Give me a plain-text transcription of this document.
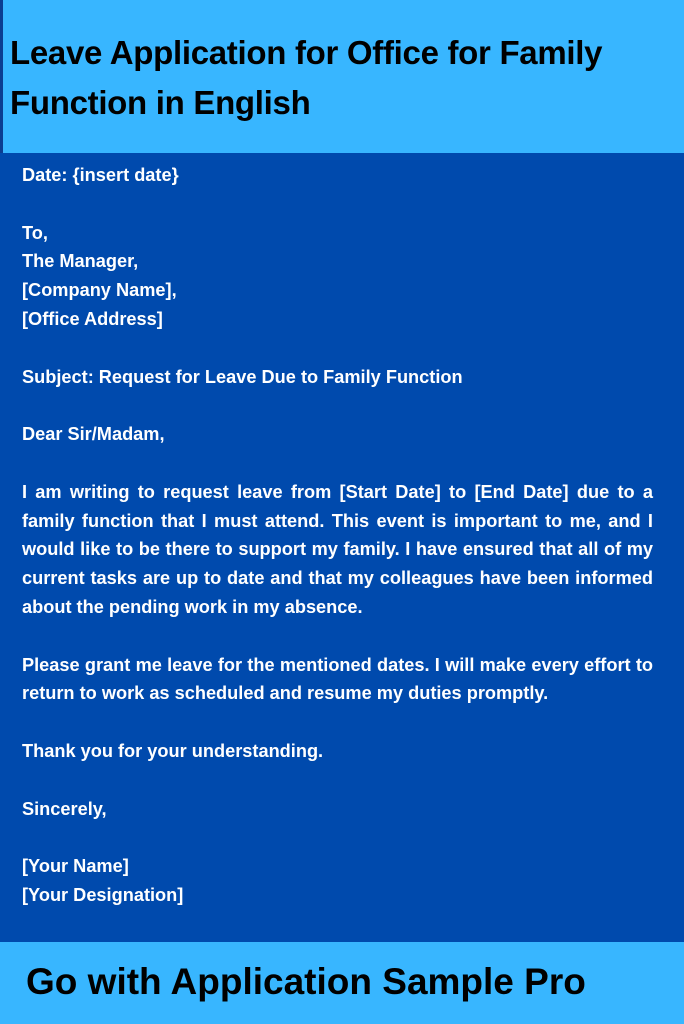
Leave Application for Office for Family Function in English
Date: {insert date}
To,
The Manager,
[Company Name],
[Office Address]
Subject: Request for Leave Due to Family Function
Dear Sir/Madam,
I am writing to request leave from [Start Date] to [End Date] due to a family function that I must attend. This event is important to me, and I would like to be there to support my family. I have ensured that all of my current tasks are up to date and that my colleagues have been informed about the pending work in my absence.
Please grant me leave for the mentioned dates. I will make every effort to return to work as scheduled and resume my duties promptly.
Thank you for your understanding.
Sincerely,
[Your Name]
[Your Designation]
Go with Application Sample Pro
